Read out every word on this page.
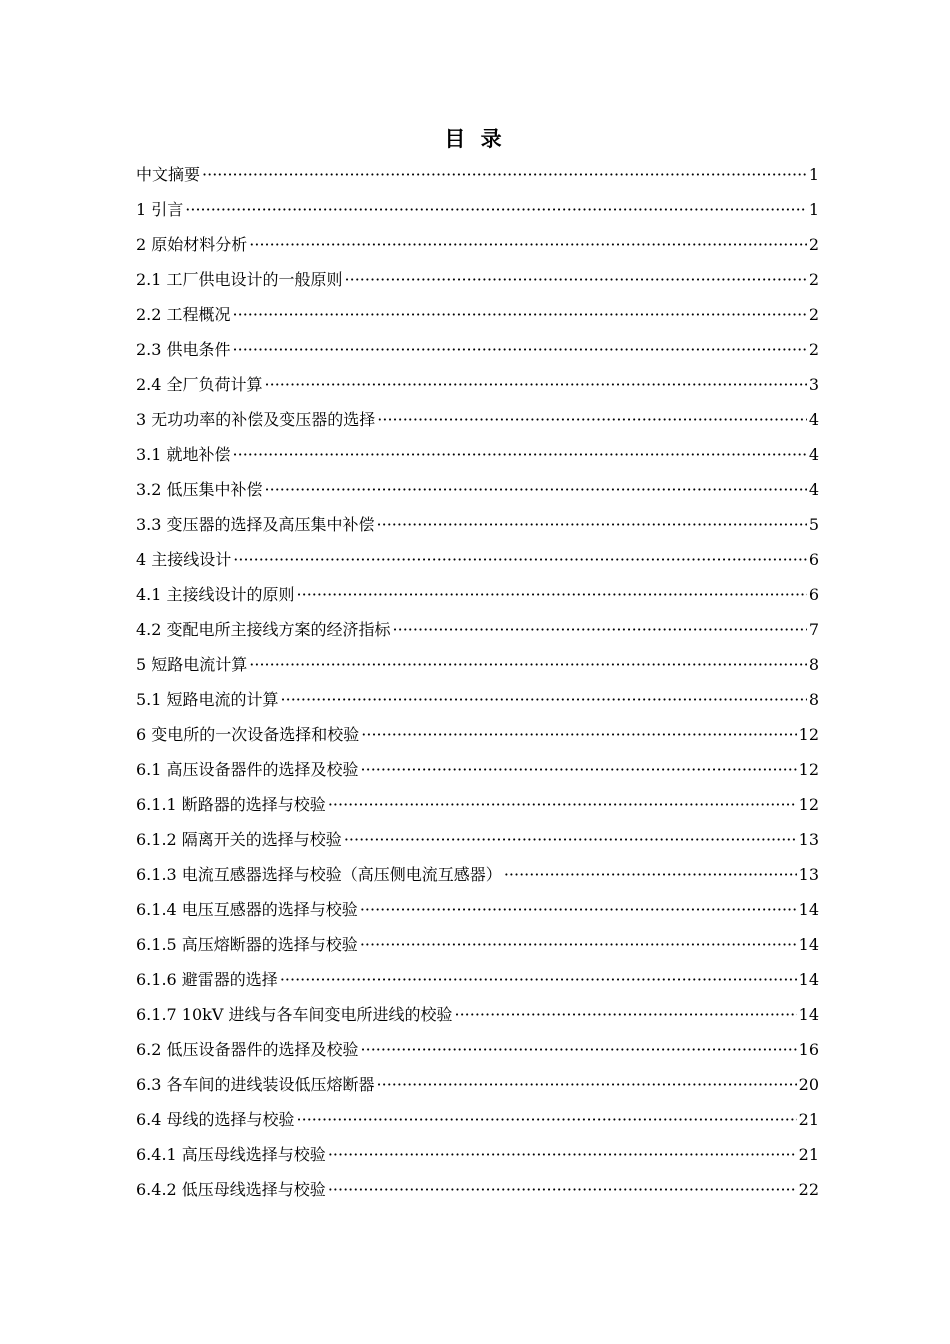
目 录
中文摘要 ·····	1
1 引言 ·····	1
2 原始材料分析 ·····	2
2.1 工厂供电设计的一般原则 ·····	2
2.2 工程概况 ·····	2
2.3 供电条件 ·····	2
2.4 全厂负荷计算 ·····	3
3 无功功率的补偿及变压器的选择 ·····	4
3.1 就地补偿 ·····	4
3.2 低压集中补偿 ·····	4
3.3 变压器的选择及高压集中补偿 ·····	5
4 主接线设计 ·····	6
4.1 主接线设计的原则 ·····	6
4.2 变配电所主接线方案的经济指标 ·····	7
5 短路电流计算 ·····	8
5.1 短路电流的计算 ·····	8
6 变电所的一次设备选择和校验 ·····	12
6.1 高压设备器件的选择及校验 ·····	12
6.1.1 断路器的选择与校验 ·····	12
6.1.2 隔离开关的选择与校验 ·····	13
6.1.3 电流互感器选择与校验（高压侧电流互感器） ·····	13
6.1.4 电压互感器的选择与校验 ·····	14
6.1.5 高压熔断器的选择与校验 ·····	14
6.1.6 避雷器的选择 ·····	14
6.1.7 10kV 进线与各车间变电所进线的校验 ·····	14
6.2 低压设备器件的选择及校验 ·····	16
6.3 各车间的进线装设低压熔断器 ·····	20
6.4 母线的选择与校验 ·····	21
6.4.1 高压母线选择与校验 ·····	21
6.4.2 低压母线选择与校验 ·····	22
